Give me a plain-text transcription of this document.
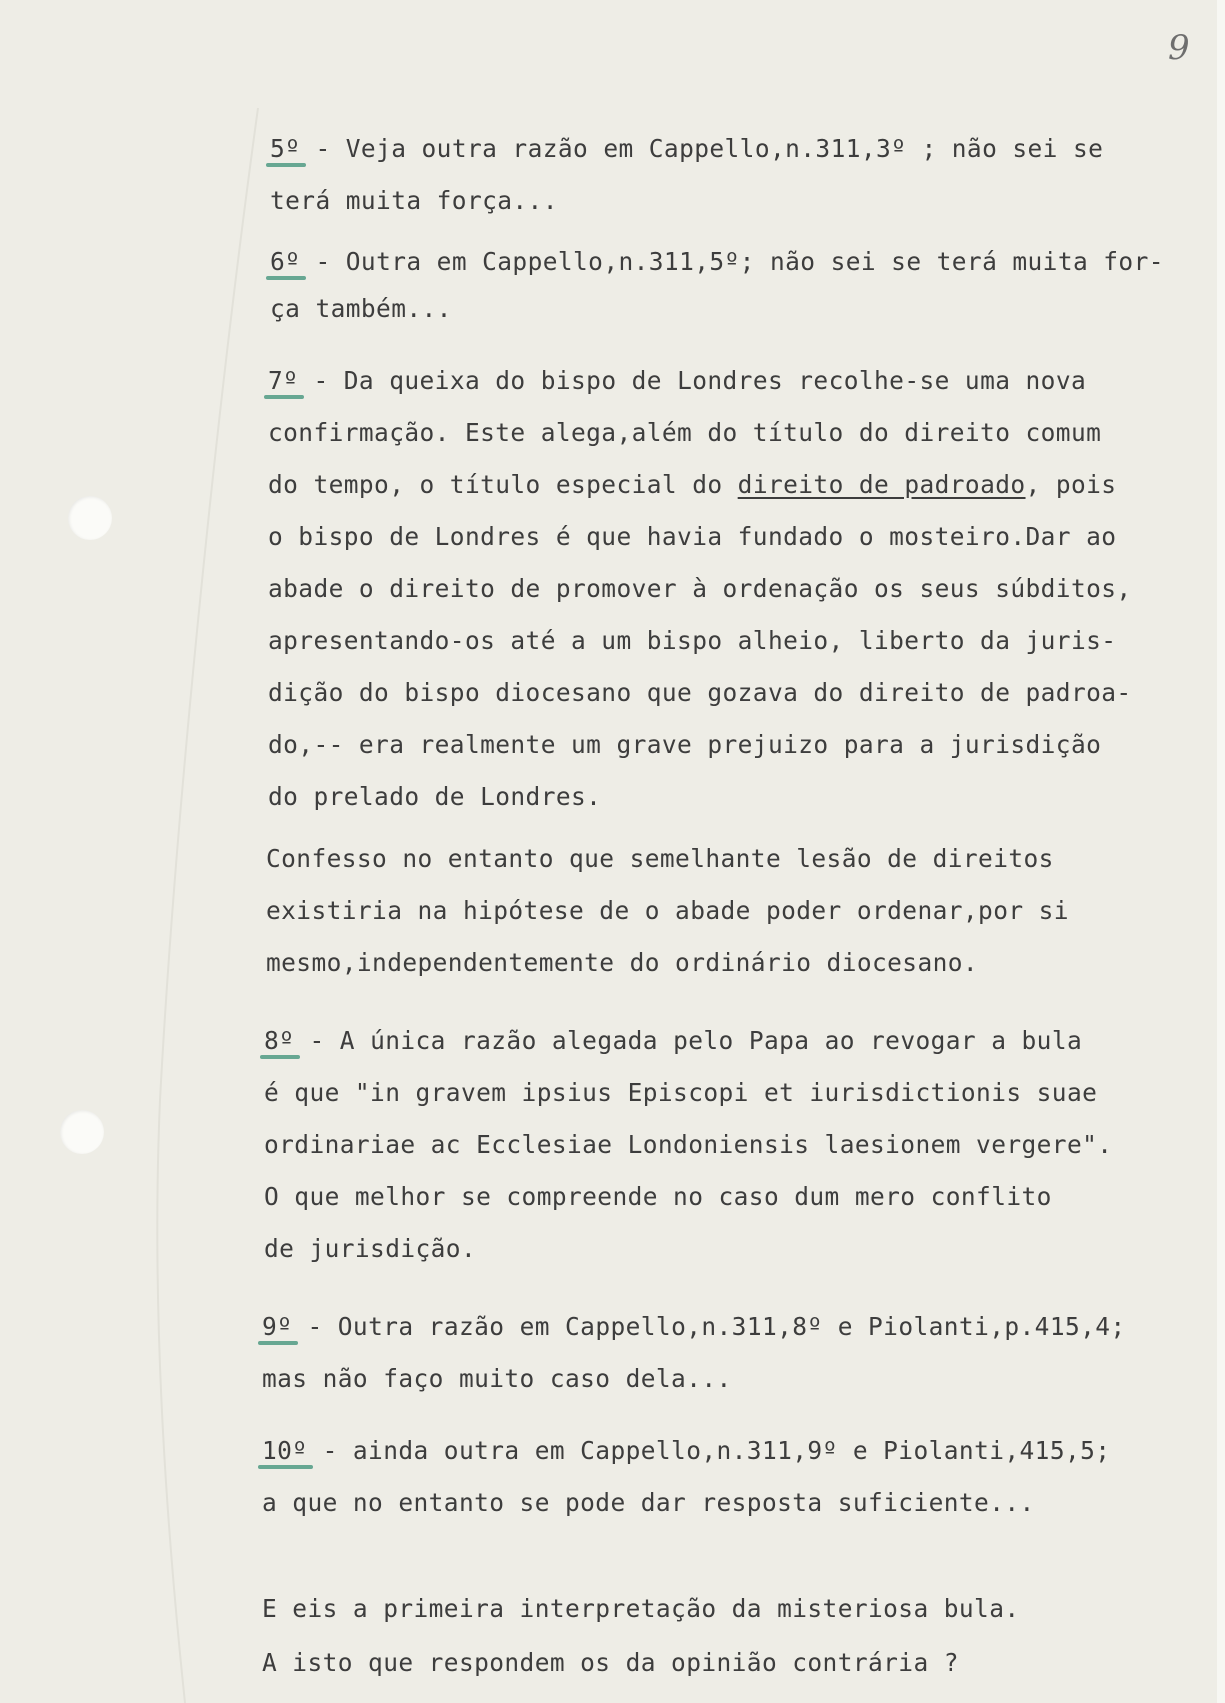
9

5º - Veja outra razão em Cappello,n.311,3º ; não sei se

terá muita força...

6º - Outra em Cappello,n.311,5º; não sei se terá muita for-

ça também...

7º - Da queixa do bispo de Londres recolhe-se uma nova

confirmação. Este alega,além do título do direito comum

do tempo, o título especial do direito de padroado, pois

o bispo de Londres é que havia fundado o mosteiro.Dar ao

abade o direito de promover à ordenação os seus súbditos,

apresentando-os até a um bispo alheio, liberto da juris-

dição do bispo diocesano que gozava do direito de padroa-

do,-- era realmente um grave prejuizo para a jurisdição

do prelado de Londres.

Confesso no entanto que semelhante lesão de direitos

existiria na hipótese de o abade poder ordenar,por si

mesmo,independentemente do ordinário diocesano.

8º - A única razão alegada pelo Papa ao revogar a bula

é que "in gravem ipsius Episcopi et iurisdictionis suae

ordinariae ac Ecclesiae Londoniensis laesionem vergere".

O que melhor se compreende no caso dum mero conflito

de jurisdição.

9º - Outra razão em Cappello,n.311,8º e Piolanti,p.415,4;

mas não faço muito caso dela...

10º - ainda outra em Cappello,n.311,9º e Piolanti,415,5;

a que no entanto se pode dar resposta suficiente...

E eis a primeira interpretação da misteriosa bula.

A isto que respondem os da opinião contrária ?
